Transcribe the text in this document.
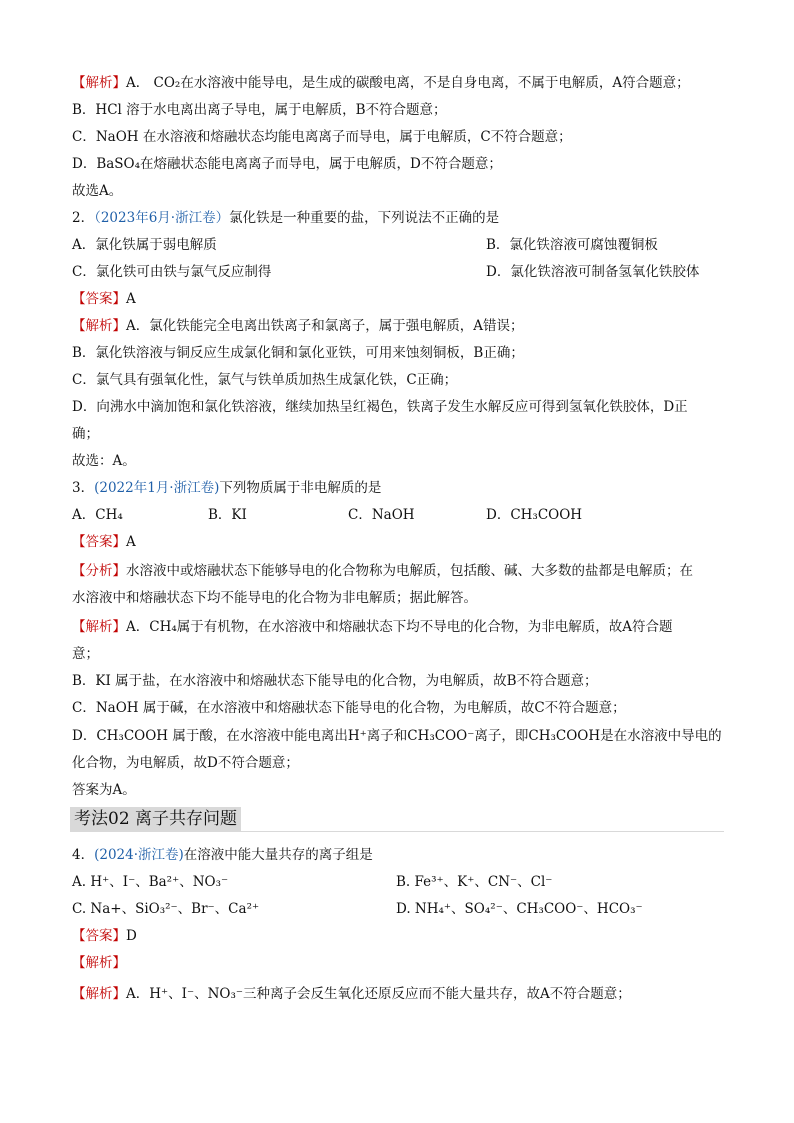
【解析】A． CO₂在水溶液中能导电，是生成的碳酸电离，不是自身电离，不属于电解质，A符合题意；
B．HCl 溶于水电离出离子导电，属于电解质，B不符合题意；
C．NaOH 在水溶液和熔融状态均能电离离子而导电，属于电解质，C不符合题意；
D．BaSO₄在熔融状态能电离离子而导电，属于电解质，D不符合题意；
故选A。
2．（2023年6月·浙江卷）氯化铁是一种重要的盐，下列说法不正确的是
A．氯化铁属于弱电解质	B．氯化铁溶液可腐蚀覆铜板
C．氯化铁可由铁与氯气反应制得	D．氯化铁溶液可制备氢氧化铁胶体
【答案】A
【解析】A．氯化铁能完全电离出铁离子和氯离子，属于强电解质，A错误；
B．氯化铁溶液与铜反应生成氯化铜和氯化亚铁，可用来蚀刻铜板，B正确；
C．氯气具有强氧化性，氯气与铁单质加热生成氯化铁，C正确；
D．向沸水中滴加饱和氯化铁溶液，继续加热呈红褐色，铁离子发生水解反应可得到氢氧化铁胶体，D正
确；
故选：A。
3．(2022年1月·浙江卷)下列物质属于非电解质的是
A．CH₄	B．KI	C．NaOH	D．CH₃COOH
【答案】A
【分析】水溶液中或熔融状态下能够导电的化合物称为电解质，包括酸、碱、大多数的盐都是电解质；在
水溶液中和熔融状态下均不能导电的化合物为非电解质；据此解答。
【解析】A．CH₄属于有机物，在水溶液中和熔融状态下均不导电的化合物，为非电解质，故A符合题
意；
B．KI 属于盐，在水溶液中和熔融状态下能导电的化合物，为电解质，故B不符合题意；
C．NaOH 属于碱，在水溶液中和熔融状态下能导电的化合物，为电解质，故C不符合题意；
D．CH₃COOH 属于酸，在水溶液中能电离出H⁺离子和CH₃COO⁻离子，即CH₃COOH是在水溶液中导电的
化合物，为电解质，故D不符合题意；
答案为A。
考法02 离子共存问题
4．(2024·浙江卷)在溶液中能大量共存的离子组是
A. H⁺、I⁻、Ba²⁺、NO₃⁻	B. Fe³⁺、K⁺、CN⁻、Cl⁻
C. Na+、SiO₃²⁻、Br⁻、Ca²⁺	D. NH₄⁺、SO₄²⁻、CH₃COO⁻、HCO₃⁻
【答案】D
【解析】
【解析】A．H⁺、I⁻、NO₃⁻三种离子会反生氧化还原反应而不能大量共存，故A不符合题意；
